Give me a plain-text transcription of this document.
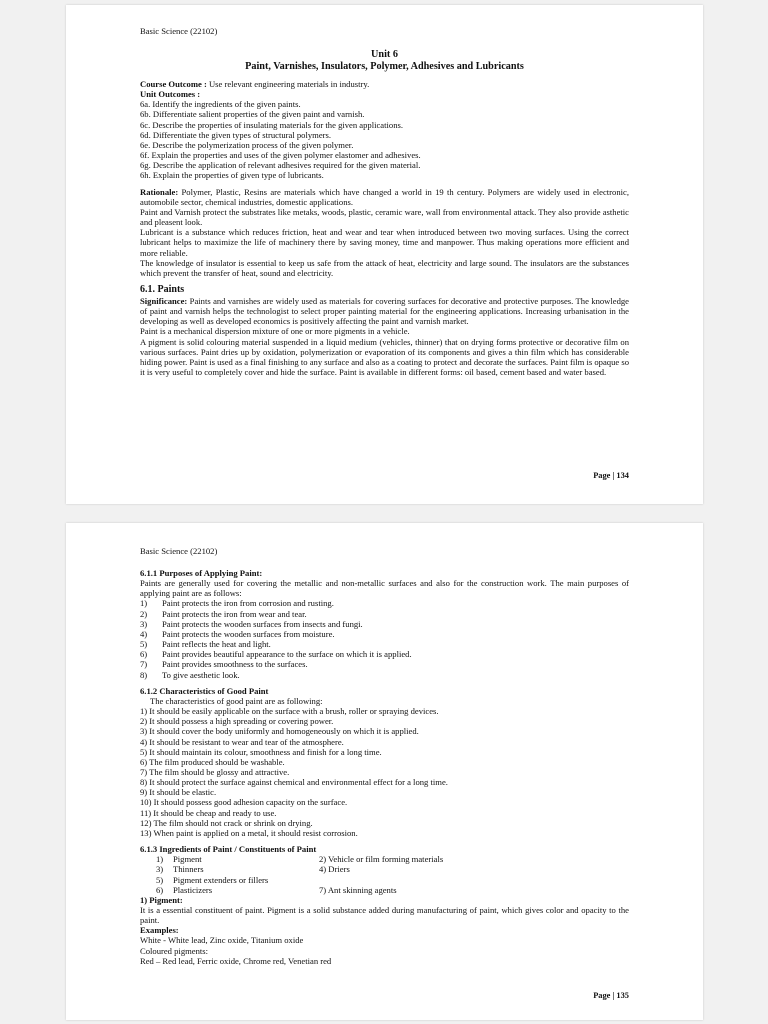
Basic Science (22102)
Unit 6
Paint, Varnishes, Insulators, Polymer, Adhesives and Lubricants

Course Outcome : Use relevant engineering materials in industry.

Unit Outcomes :

6a. Identify the ingredients of the given paints.

6b. Differentiate salient properties of the given paint and varnish.

6c. Describe the properties of insulating materials for the given applications.

6d. Differentiate the given types of structural polymers.

6e. Describe the polymerization process of the given polymer.

6f. Explain the properties and uses of the given polymer elastomer and adhesives.

6g. Describe the application of relevant adhesives required for the given material.

6h. Explain the properties of given type of lubricants.

Rationale: Polymer, Plastic, Resins are materials which have changed a world in 19 th century. Polymers are widely used in electronic, automobile sector, chemical industries, domestic applications.

Paint and Varnish protect the substrates like metaks, woods, plastic, ceramic ware, wall from environmental attack. They also provide asthetic and pleasent look.

Lubricant is a substance which reduces friction, heat and wear and tear when introduced between two moving surfaces. Using the correct lubricant helps to maximize the life of machinery there by saving money, time and manpower. Thus making operations more efficient and more reliable.

The knowledge of insulator is essential to keep us safe from the attack of heat, electricity and large sound. The insulators are the substances which prevent the transfer of heat, sound and electricity.

6.1. Paints

Significance: Paints and varnishes are widely used as materials for covering surfaces for decorative and protective purposes. The knowledge of paint and varnish helps the technologist to select proper painting material for the engineering applications. Increasing urbanisation in the developing as well as developed economics is positively affecting the paint and varnish market.

Paint is a mechanical dispersion mixture of one or more pigments in a vehicle.

A pigment is solid colouring material suspended in a liquid medium (vehicles, thinner) that on drying forms protective or decorative film on various surfaces. Paint dries up by oxidation, polymerization or evaporation of its components and gives a thin film which has considerable hiding power. Paint is used as a final finishing to any surface and also as a coating to protect and decorate the surfaces. Paint film is opaque so it is very useful to completely cover and hide the surface. Paint is available in different forms: oil based, cement based and water based.

Page | 134
Basic Science (22102)

6.1.1 Purposes of Applying Paint:

Paints are generally used for covering the metallic and non-metallic surfaces and also for the construction work. The main purposes of applying paint are as follows:

1) Paint protects the iron from corrosion and rusting.

2) Paint protects the iron from wear and tear.

3) Paint protects the wooden surfaces from insects and fungi.

4) Paint protects the wooden surfaces from moisture.

5) Paint reflects the heat and light.

6) Paint provides beautiful appearance to the surface on which it is applied.

7) Paint provides smoothness to the surfaces.

8) To give aesthetic look.

6.1.2 Characteristics of Good Paint

The characteristics of good paint are as following:

1) It should be easily applicable on the surface with a brush, roller or spraying devices.

2) It should possess a high spreading or covering power.

3) It should cover the body uniformly and homogeneously on which it is applied.

4) It should be resistant to wear and tear of the atmosphere.

5) It should maintain its colour, smoothness and finish for a long time.

6) The film produced should be washable.

7) The film should be glossy and attractive.

8) It should protect the surface against chemical and environmental effect for a long time.

9) It should be elastic.

10) It should possess good adhesion capacity on the surface.

11) It should be cheap and ready to use.

12) The film should not crack or shrink on drying.

13) When paint is applied on a metal, it should resist corrosion.

6.1.3 Ingredients of Paint / Constituents of Paint

1) Pigment	2) Vehicle or film forming materials
3) Thinners	4) Driers
5) Pigment extenders or fillers
6) Plasticizers	7) Ant skinning agents

1) Pigment:

It is a essential constituent of paint. Pigment is a solid substance added during manufacturing of paint, which gives color and opacity to the paint.

Examples:

White - White lead, Zinc oxide, Titanium oxide

Coloured pigments:

Red – Red lead, Ferric oxide, Chrome red, Venetian red

Page | 135
